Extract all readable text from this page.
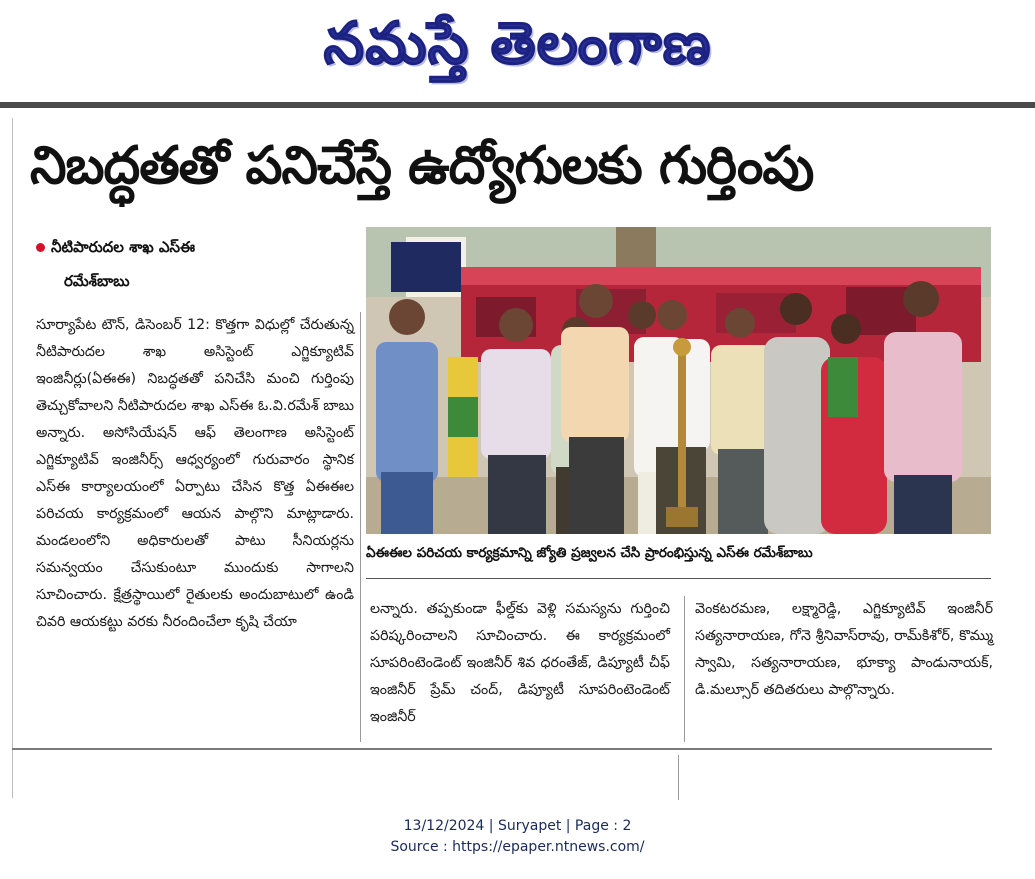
నమస్తే తెలంగాణ
నిబద్ధతతో పనిచేస్తే ఉద్యోగులకు గుర్తింపు
నీటిపారుదల శాఖ ఎస్ఈ
రమేశ్‌బాబు

సూర్యాపేట టౌన్, డిసెంబర్ 12: కొత్తగా విధుల్లో చేరుతున్న నీటిపారుదల శాఖ అసిస్టెంట్ ఎగ్జిక్యూటివ్ ఇంజినీర్లు(ఏఈఈ) నిబద్ధతతో పనిచేసి మంచి గుర్తింపు తెచ్చుకోవాలని నీటిపారుదల శాఖ ఎస్ఈ ఓ.వి.రమేశ్ బాబు అన్నారు. అసోసియేషన్ ఆఫ్ తెలంగాణ అసిస్టెంట్ ఎగ్జిక్యూటివ్ ఇంజినీర్స్ ఆధ్వర్యంలో గురువారం స్థానిక ఎస్ఈ కార్యాలయంలో ఏర్పాటు చేసిన కొత్త ఏఈఈల పరిచయ కార్యక్రమంలో ఆయన పాల్గొని మాట్లాడారు. మండలంలోని అధికారులతో పాటు సీనియర్లను సమన్వయం చేసుకుంటూ ముందుకు సాగాలని సూచించారు. క్షేత్రస్థాయిలో రైతులకు అందుబాటులో ఉండి చివరి ఆయకట్టు వరకు నీరందించేలా కృషి చేయా

ఏఈఈల పరిచయ కార్యక్రమాన్ని జ్యోతి ప్రజ్వలన చేసి ప్రారంభిస్తున్న ఎస్ఈ రమేశ్‌బాబు

లన్నారు. తప్పకుండా ఫీల్డ్‌కు వెళ్లి సమస్యను గుర్తించి పరిష్కరించాలని సూచించారు. ఈ కార్యక్రమంలో సూపరింటెండెంట్ ఇంజినీర్ శివ ధరంతేజ్, డిప్యూటీ చీఫ్ ఇంజినీర్ ప్రేమ్ చంద్, డిప్యూటీ సూపరింటెండెంట్ ఇంజినీర్

వెంకటరమణ, లక్ష్మారెడ్డి, ఎగ్జిక్యూటివ్ ఇంజినీర్ సత్యనారాయణ, గోనె శ్రీనివాస్‌రావు, రామ్‌కిశోర్, కొమ్ము స్వామి, సత్యనారాయణ, భూక్యా పాండునాయక్, డి.మల్సూర్ తదితరులు పాల్గొన్నారు.

13/12/2024 | Suryapet | Page : 2
Source : https://epaper.ntnews.com/
